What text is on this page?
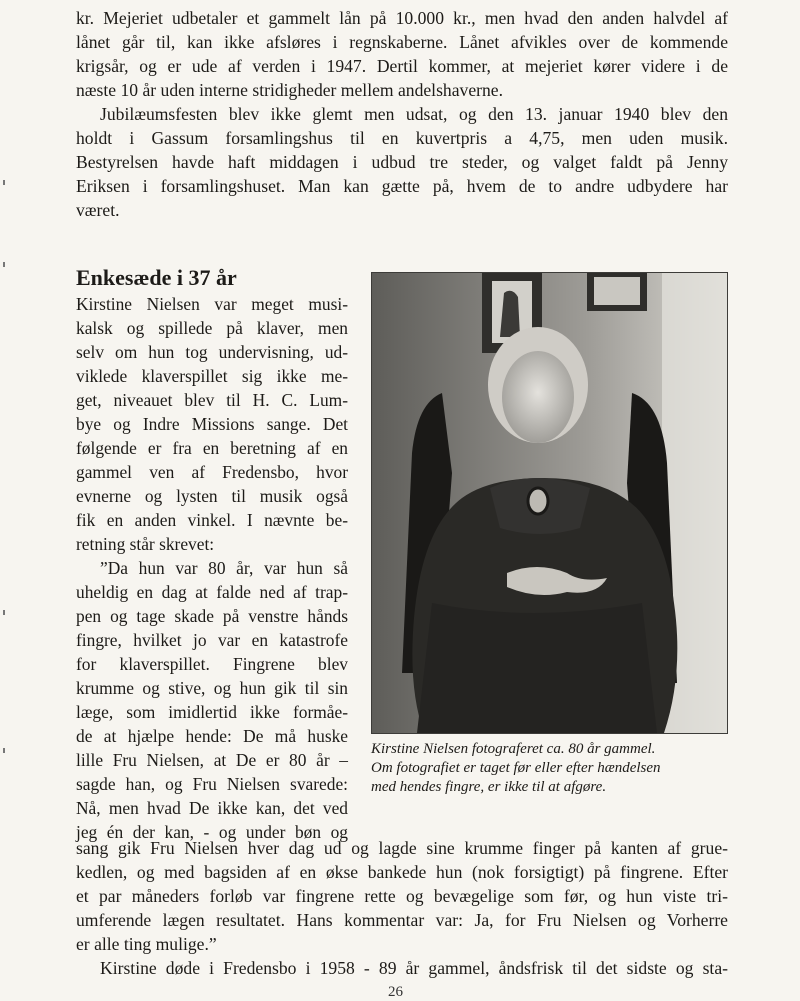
kr. Mejeriet udbetaler et gammelt lån på 10.000 kr., men hvad den anden halvdel af
lånet går til, kan ikke afsløres i regnskaberne. Lånet afvikles over de kommende
krigsår, og er ude af verden i 1947. Dertil kommer, at mejeriet kører videre i de
næste 10 år uden interne stridigheder mellem andelshaverne.
Jubilæumsfesten blev ikke glemt men udsat, og den 13. januar 1940 blev den
holdt i Gassum forsamlingshus til en kuvertpris a 4,75, men uden musik.
Bestyrelsen havde haft middagen i udbud tre steder, og valget faldt på Jenny
Eriksen i forsamlingshuset. Man kan gætte på, hvem de to andre udbydere har
været.
Enkesæde i 37 år
Kirstine Nielsen var meget musi-
kalsk og spillede på klaver, men
selv om hun tog undervisning, ud-
viklede klaverspillet sig ikke me-
get, niveauet blev til H. C. Lum-
bye og Indre Missions sange. Det
følgende er fra en beretning af en
gammel ven af Fredensbo, hvor
evnerne og lysten til musik også
fik en anden vinkel. I nævnte be-
retning står skrevet:
”Da hun var 80 år, var hun så
uheldig en dag at falde ned af trap-
pen og tage skade på venstre hånds
fingre, hvilket jo var en katastrofe
for klaverspillet. Fingrene blev
krumme og stive, og hun gik til sin
læge, som imidlertid ikke formåe-
de at hjælpe hende: De må huske
lille Fru Nielsen, at De er 80 år –
sagde han, og Fru Nielsen svarede:
Nå, men hvad De ikke kan, det ved
jeg én der kan, - og under bøn og
Kirstine Nielsen fotograferet ca. 80 år gammel.
Om fotografiet er taget før eller efter hændelsen
med hendes fingre, er ikke til at afgøre.
sang gik Fru Nielsen hver dag ud og lagde sine krumme finger på kanten af grue-
kedlen, og med bagsiden af en økse bankede hun (nok forsigtigt) på fingrene. Efter
et par måneders forløb var fingrene rette og bevægelige som før, og hun viste tri-
umferende lægen resultatet. Hans kommentar var: Ja, for Fru Nielsen og Vorherre
er alle ting mulige.”
Kirstine døde i Fredensbo i 1958 - 89 år gammel, åndsfrisk til det sidste og sta-
26
